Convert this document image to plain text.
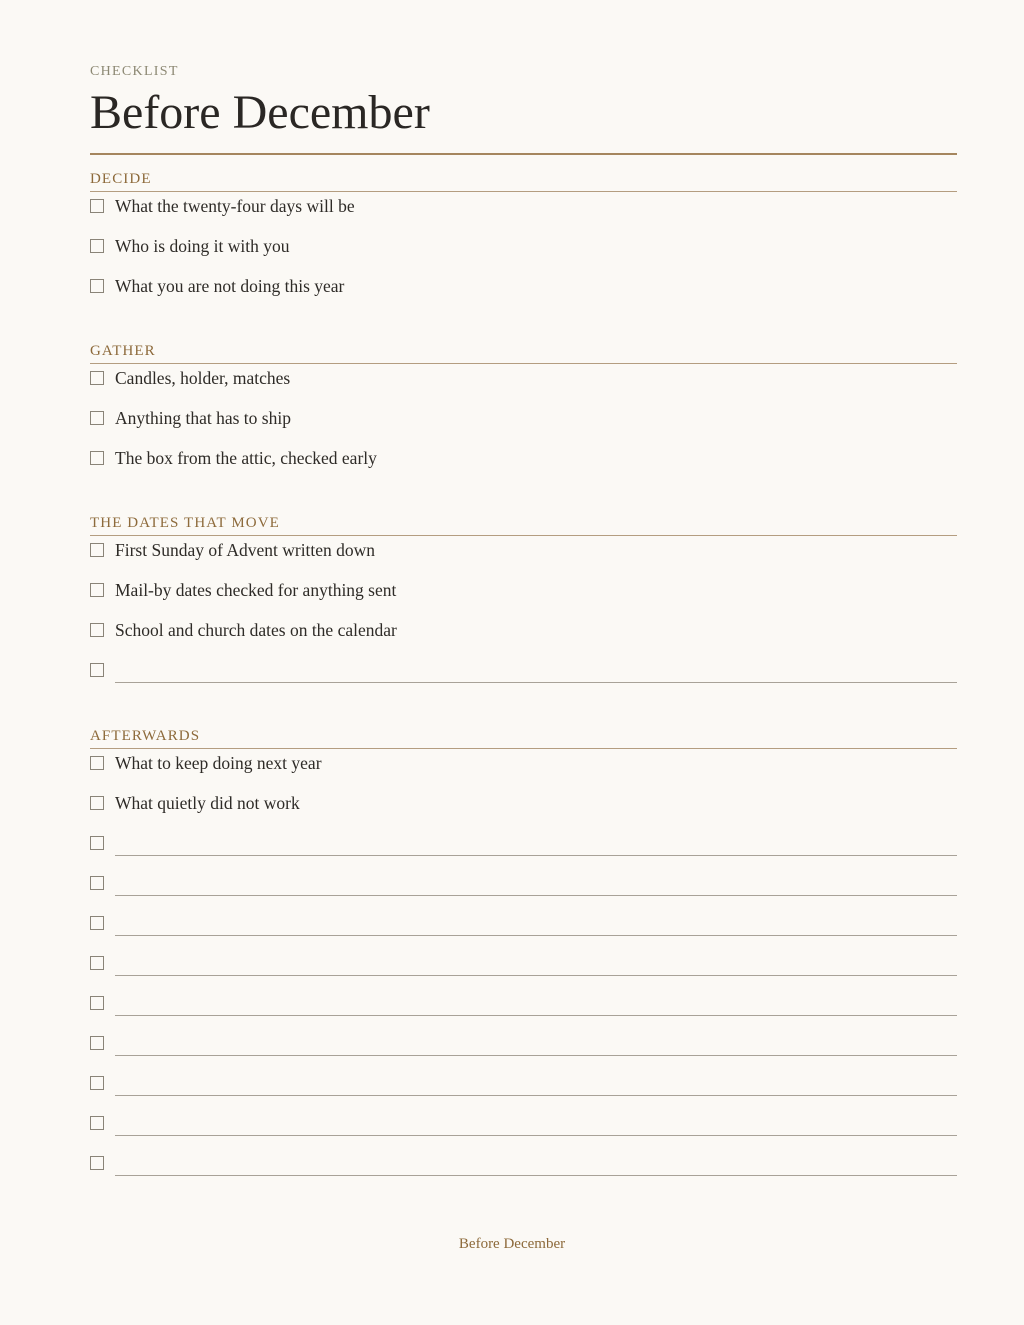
CHECKLIST
Before December
DECIDE
What the twenty-four days will be
Who is doing it with you
What you are not doing this year
GATHER
Candles, holder, matches
Anything that has to ship
The box from the attic, checked early
THE DATES THAT MOVE
First Sunday of Advent written down
Mail-by dates checked for anything sent
School and church dates on the calendar
AFTERWARDS
What to keep doing next year
What quietly did not work
Before December
